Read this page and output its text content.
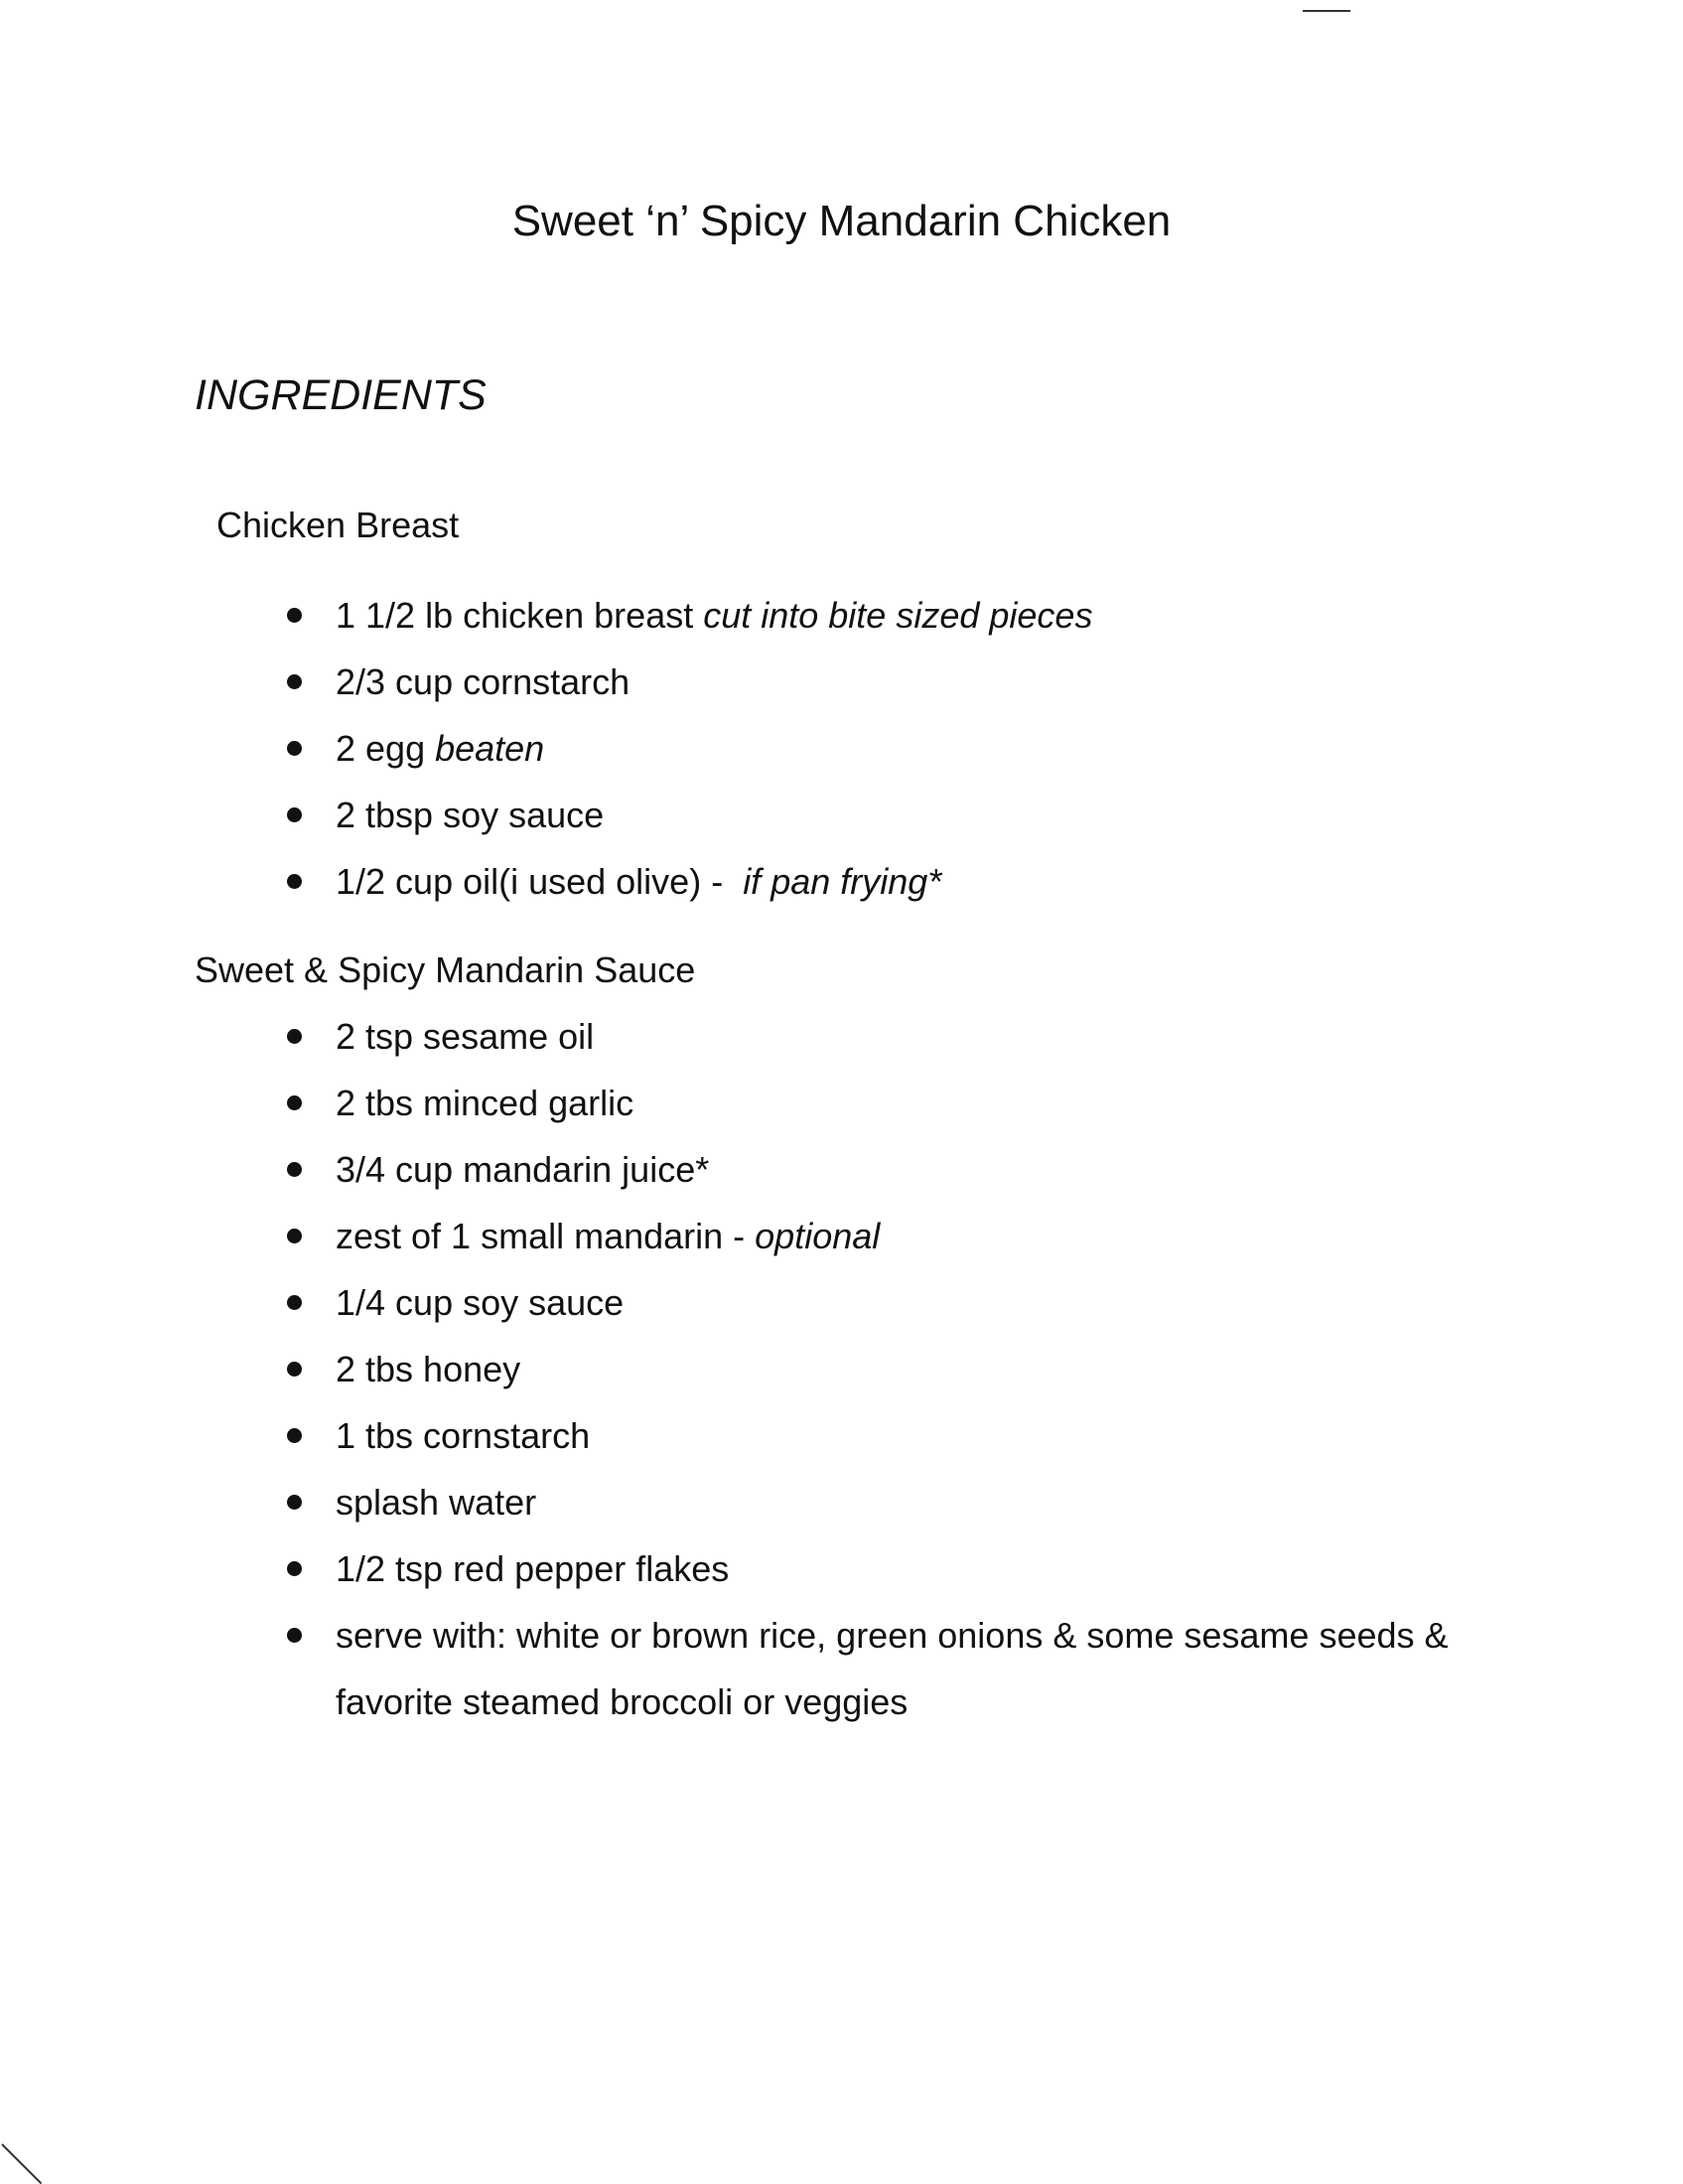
Sweet ‘n’ Spicy Mandarin Chicken
INGREDIENTS
Chicken Breast
1 1/2 lb chicken breast cut into bite sized pieces
2/3 cup cornstarch
2 egg beaten
2 tbsp soy sauce
1/2 cup oil(i used olive) -  if pan frying*
Sweet & Spicy Mandarin Sauce
2 tsp sesame oil
2 tbs minced garlic
3/4 cup mandarin juice*
zest of 1 small mandarin - optional
1/4 cup soy sauce
2 tbs honey
1 tbs cornstarch
splash water
1/2 tsp red pepper flakes
serve with: white or brown rice, green onions & some sesame seeds & favorite steamed broccoli or veggies
